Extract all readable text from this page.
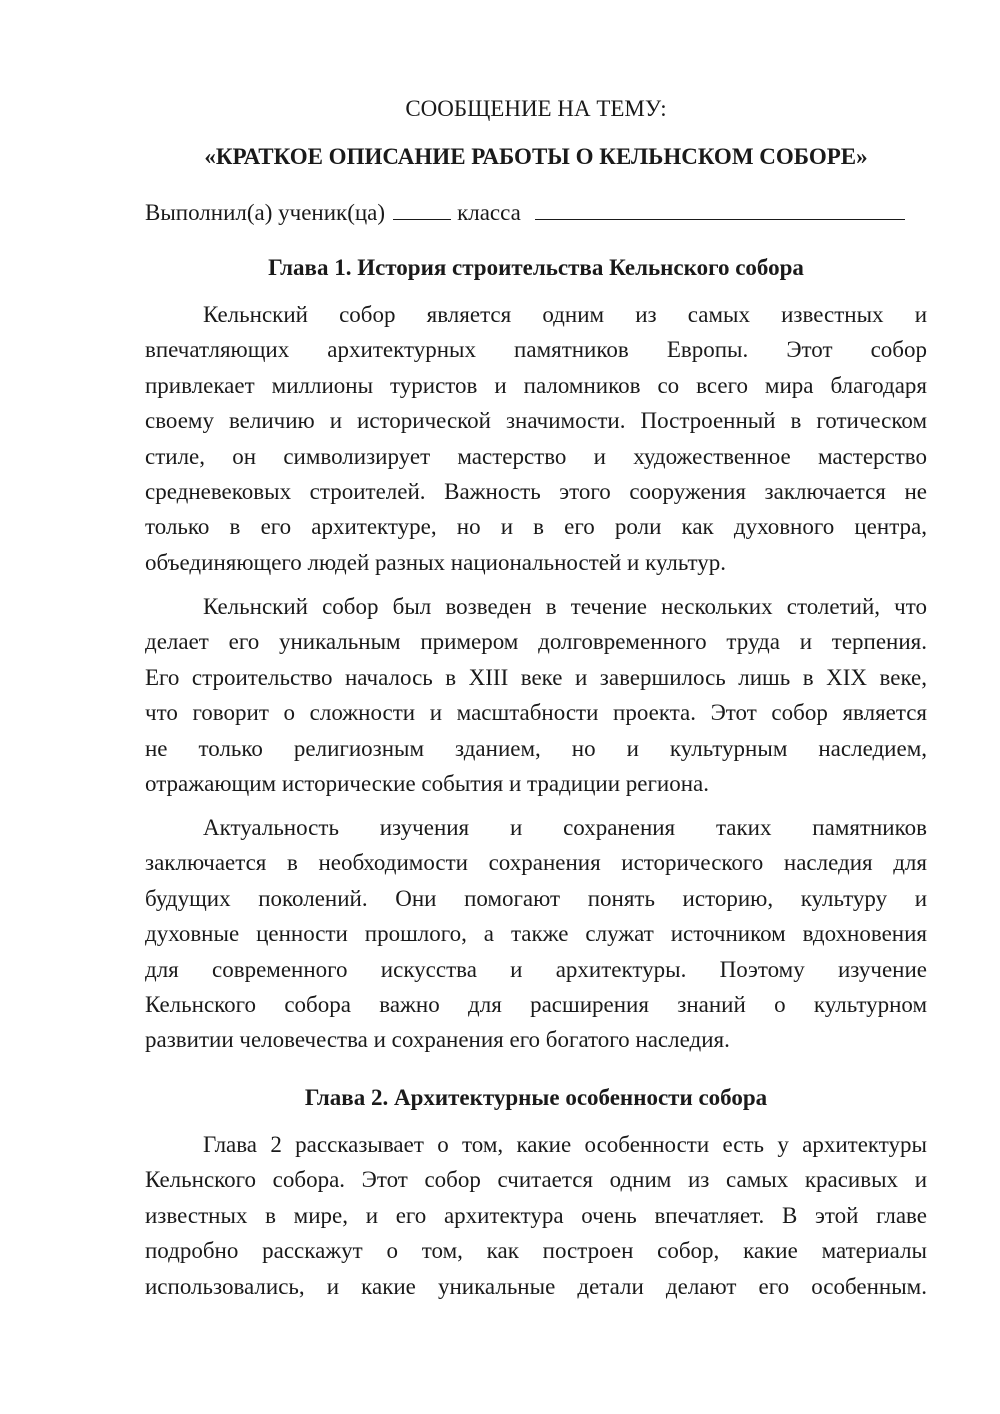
СООБЩЕНИЕ НА ТЕМУ:
«КРАТКОЕ ОПИСАНИЕ РАБОТЫ О КЕЛЬНСКОМ СОБОРЕ»
Выполнил(а) ученик(ца)	класса
Глава 1. История строительства Кельнского собора
Кельнский собор является одним из самых известных и
впечатляющих архитектурных памятников Европы. Этот собор
привлекает миллионы туристов и паломников со всего мира благодаря
своему величию и исторической значимости. Построенный в готическом
стиле, он символизирует мастерство и художественное мастерство
средневековых строителей. Важность этого сооружения заключается не
только в его архитектуре, но и в его роли как духовного центра,
объединяющего людей разных национальностей и культур.
Кельнский собор был возведен в течение нескольких столетий, что
делает его уникальным примером долговременного труда и терпения.
Его строительство началось в XIII веке и завершилось лишь в XIX веке,
что говорит о сложности и масштабности проекта. Этот собор является
не только религиозным зданием, но и культурным наследием,
отражающим исторические события и традиции региона.
Актуальность изучения и сохранения таких памятников
заключается в необходимости сохранения исторического наследия для
будущих поколений. Они помогают понять историю, культуру и
духовные ценности прошлого, а также служат источником вдохновения
для современного искусства и архитектуры. Поэтому изучение
Кельнского собора важно для расширения знаний о культурном
развитии человечества и сохранения его богатого наследия.
Глава 2. Архитектурные особенности собора
Глава 2 рассказывает о том, какие особенности есть у архитектуры
Кельнского собора. Этот собор считается одним из самых красивых и
известных в мире, и его архитектура очень впечатляет. В этой главе
подробно расскажут о том, как построен собор, какие материалы
использовались, и какие уникальные детали делают его особенным.
